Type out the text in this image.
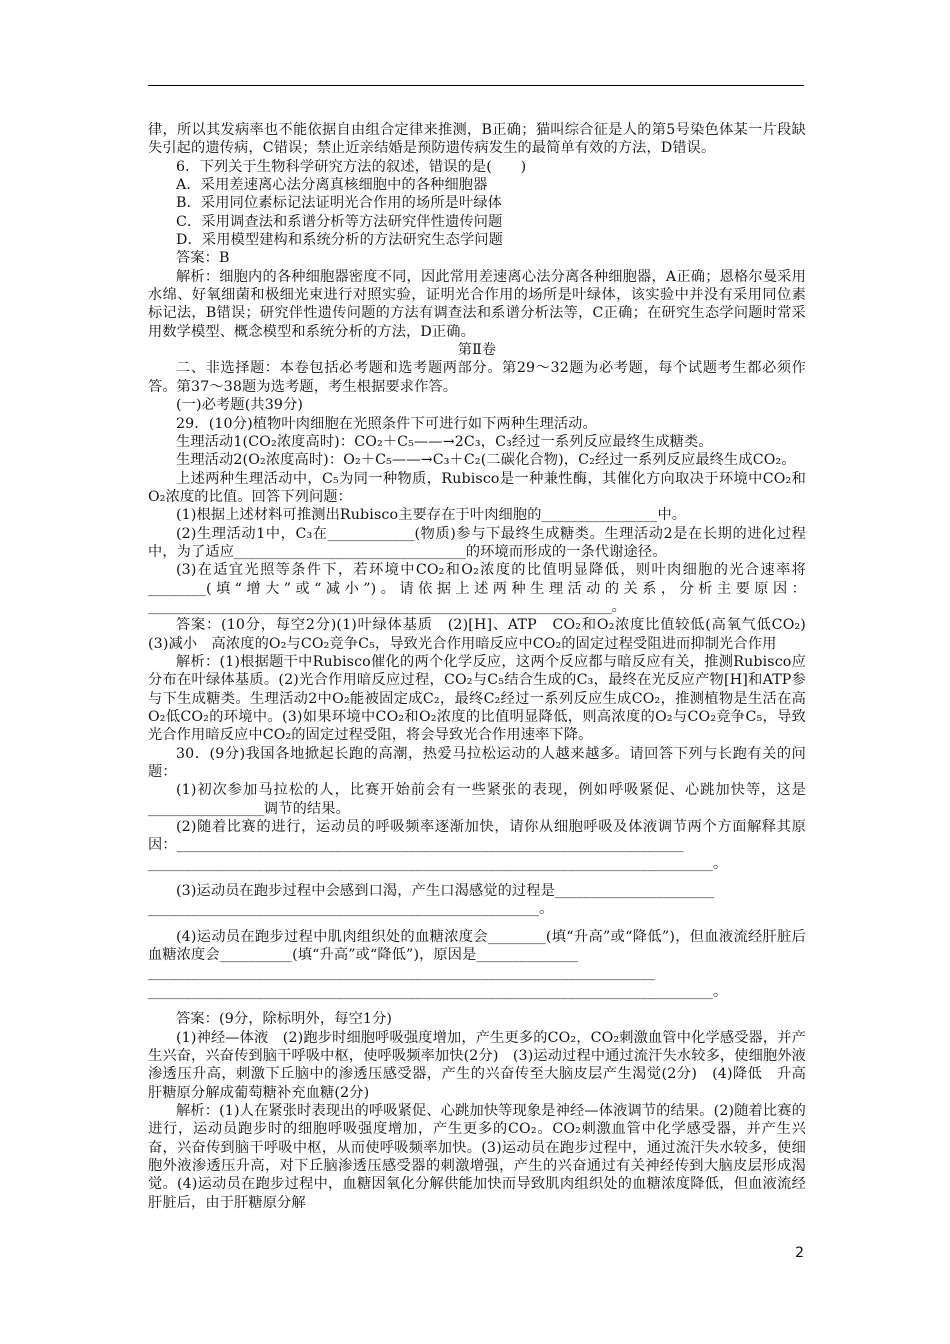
律，所以其发病率也不能依据自由组合定律来推测，B正确；猫叫综合征是人的第5号染色体某一片段缺失引起的遗传病，C错误；禁止近亲结婚是预防遗传病发生的最简单有效的方法，D错误。

6．下列关于生物科学研究方法的叙述，错误的是(　　)

A．采用差速离心法分离真核细胞中的各种细胞器

B．采用同位素标记法证明光合作用的场所是叶绿体

C．采用调查法和系谱分析等方法研究伴性遗传问题

D．采用模型建构和系统分析的方法研究生态学问题

答案：B

解析：细胞内的各种细胞器密度不同，因此常用差速离心法分离各种细胞器，A正确；恩格尔曼采用水绵、好氧细菌和极细光束进行对照实验，证明光合作用的场所是叶绿体，该实验中并没有采用同位素标记法，B错误；研究伴性遗传问题的方法有调查法和系谱分析法等，C正确；在研究生态学问题时常采用数学模型、概念模型和系统分析的方法，D正确。

第Ⅱ卷

二、非选择题：本卷包括必考题和选考题两部分。第29～32题为必考题，每个试题考生都必须作答。第37～38题为选考题，考生根据要求作答。

(一)必考题(共39分)

29．(10分)植物叶肉细胞在光照条件下可进行如下两种生理活动。

生理活动1(CO₂浓度高时)：CO₂＋C₅——→2C₃，C₃经过一系列反应最终生成糖类。

生理活动2(O₂浓度高时)：O₂＋C₅——→C₃＋C₂(二碳化合物)，C₂经过一系列反应最终生成CO₂。

上述两种生理活动中，C₅为同一种物质，Rubisco是一种兼性酶，其催化方向取决于环境中CO₂和O₂浓度的比值。回答下列问题：

(1)根据上述材料可推测出Rubisco主要存在于叶肉细胞的________________中。

(2)生理活动1中，C₃在____________(物质)参与下最终生成糖类。生理活动2是在长期的进化过程中，为了适应________________________________的环境而形成的一条代谢途径。

(3)在适宜光照等条件下，若环境中CO₂和O₂浓度的比值明显降低，则叶肉细胞的光合速率将________(填“增大”或“减小”)。请依据上述两种生理活动的关系，分析主要原因：________________________________________________________________。

答案：(10分，每空2分)(1)叶绿体基质　(2)[H]、ATP　CO₂和O₂浓度比值较低(高氧气低CO₂)　(3)减小　高浓度的O₂与CO₂竞争C₅，导致光合作用暗反应中CO₂的固定过程受阻进而抑制光合作用

解析：(1)根据题干中Rubisco催化的两个化学反应，这两个反应都与暗反应有关，推测Rubisco应分布在叶绿体基质。(2)光合作用暗反应过程，CO₂与C₅结合生成的C₃，最终在光反应产物[H]和ATP参与下生成糖类。生理活动2中O₂能被固定成C₂，最终C₂经过一系列反应生成CO₂，推测植物是生活在高O₂低CO₂的环境中。(3)如果环境中CO₂和O₂浓度的比值明显降低，则高浓度的O₂与CO₂竞争C₅，导致光合作用暗反应中CO₂的固定过程受阻，将会导致光合作用速率下降。

30．(9分)我国各地掀起长跑的高潮，热爱马拉松运动的人越来越多。请回答下列与长跑有关的问题：

(1)初次参加马拉松的人，比赛开始前会有一些紧张的表现，例如呼吸紧促、心跳加快等，这是________________调节的结果。

(2)随着比赛的进行，运动员的呼吸频率逐渐加快，请你从细胞呼吸及体液调节两个方面解释其原因：______________________________________________________________________

______________________________________________________________________________。

(3)运动员在跑步过程中会感到口渴，产生口渴感觉的过程是______________________

______________________________________________________。

(4)运动员在跑步过程中肌肉组织处的血糖浓度会________(填“升高”或“降低”)，但血液流经肝脏后血糖浓度会__________(填“升高”或“降低”)，原因是______________

______________________________________________________________________

______________________________________________________________________________。

答案：(9分，除标明外，每空1分)

(1)神经—体液　(2)跑步时细胞呼吸强度增加，产生更多的CO₂，CO₂刺激血管中化学感受器，并产生兴奋，兴奋传到脑干呼吸中枢，使呼吸频率加快(2分)　(3)运动过程中通过流汗失水较多，使细胞外液渗透压升高，刺激下丘脑中的渗透压感受器，产生的兴奋传至大脑皮层产生渴觉(2分)　(4)降低　升高　肝糖原分解成葡萄糖补充血糖(2分)

解析：(1)人在紧张时表现出的呼吸紧促、心跳加快等现象是神经—体液调节的结果。(2)随着比赛的进行，运动员跑步时的细胞呼吸强度增加，产生更多的CO₂。CO₂刺激血管中化学感受器，并产生兴奋，兴奋传到脑干呼吸中枢，从而使呼吸频率加快。(3)运动员在跑步过程中，通过流汗失水较多，使细胞外液渗透压升高，对下丘脑渗透压感受器的刺激增强，产生的兴奋通过有关神经传到大脑皮层形成渴觉。(4)运动员在跑步过程中，血糖因氧化分解供能加快而导致肌肉组织处的血糖浓度降低，但血液流经肝脏后，由于肝糖原分解

2
